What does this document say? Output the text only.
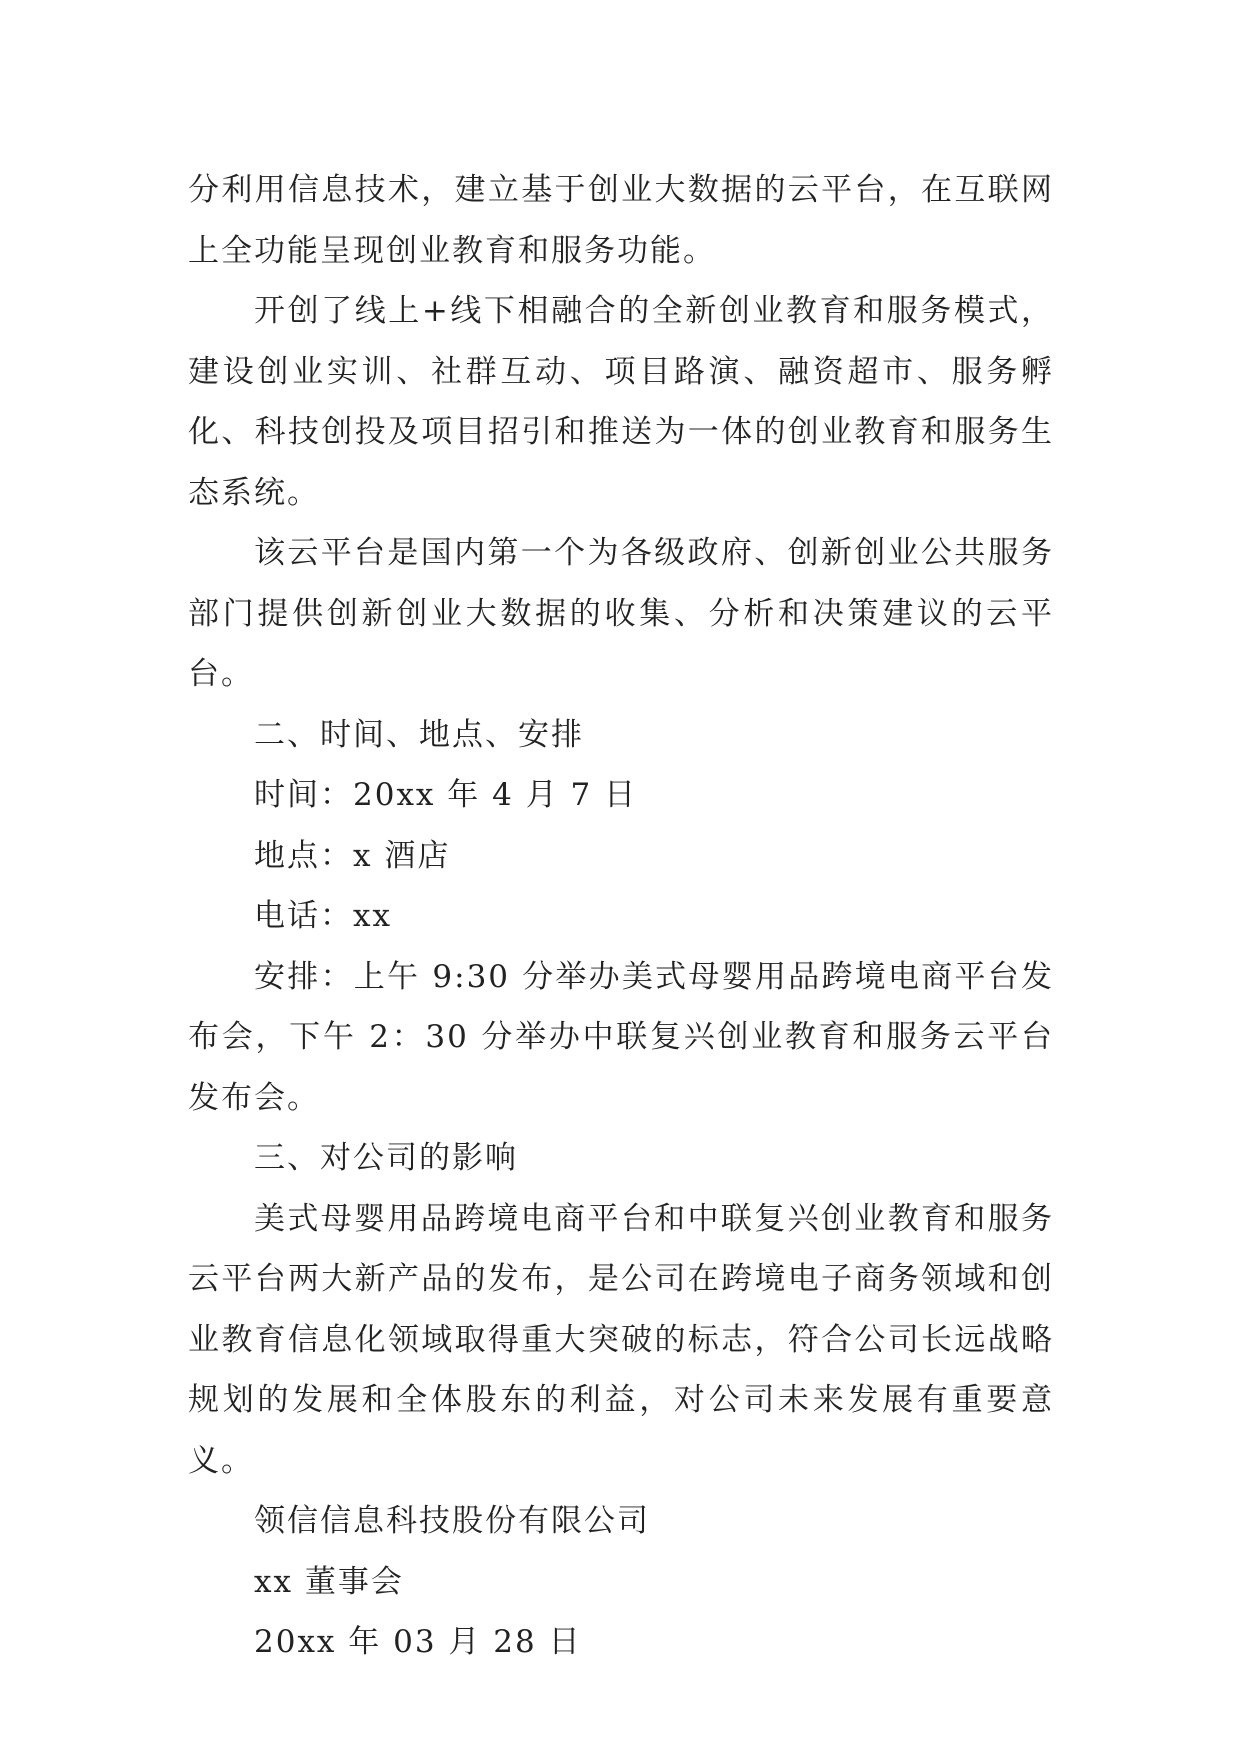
分利用信息技术，建立基于创业大数据的云平台，在互联网上全功能呈现创业教育和服务功能。

开创了线上+线下相融合的全新创业教育和服务模式，建设创业实训、社群互动、项目路演、融资超市、服务孵化、科技创投及项目招引和推送为一体的创业教育和服务生态系统。

该云平台是国内第一个为各级政府、创新创业公共服务部门提供创新创业大数据的收集、分析和决策建议的云平台。

二、时间、地点、安排

时间：20xx 年 4 月 7 日

地点：x 酒店

电话：xx

安排：上午 9:30 分举办美式母婴用品跨境电商平台发布会，下午 2：30 分举办中联复兴创业教育和服务云平台发布会。

三、对公司的影响

美式母婴用品跨境电商平台和中联复兴创业教育和服务云平台两大新产品的发布，是公司在跨境电子商务领域和创业教育信息化领域取得重大突破的标志，符合公司长远战略规划的发展和全体股东的利益，对公司未来发展有重要意义。

领信信息科技股份有限公司

xx 董事会

20xx 年 03 月 28 日
